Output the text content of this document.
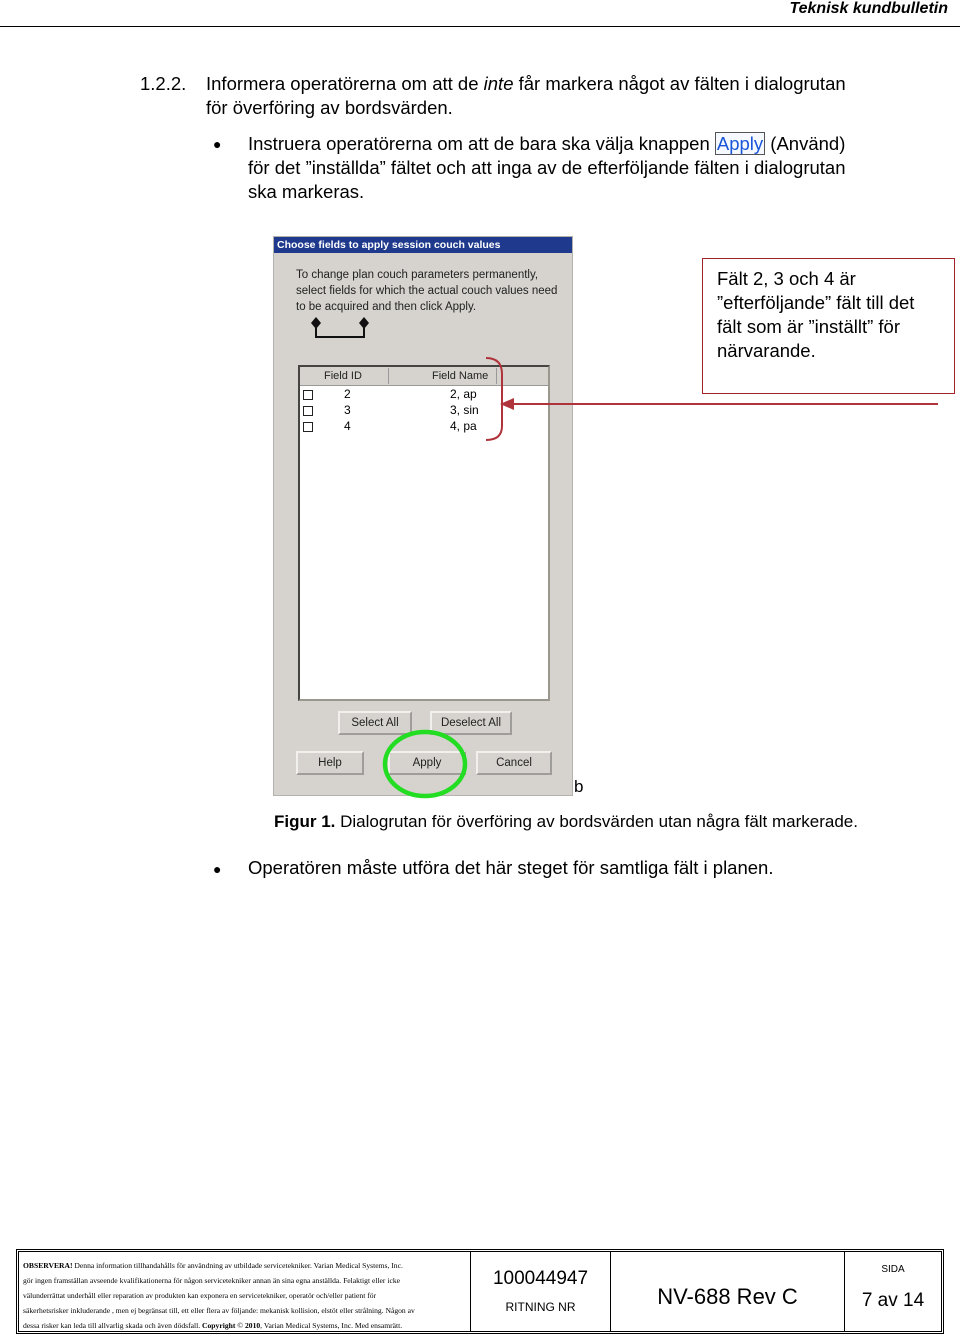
Teknisk kundbulletin
1.2.2. Informera operatörerna om att de inte får markera något av fälten i dialogrutan
för överföring av bordsvärden.
● Instruera operatörerna om att de bara ska välja knappen Apply (Använd)
för det ”inställda” fältet och att inga av de efterföljande fälten i dialogrutan
ska markeras.
Choose fields to apply session couch values
To change plan couch parameters permanently,
select fields for which the actual couch values need
to be acquired and then click Apply.
Field ID	Field Name
2	2, ap
3	3, sin
4	4, pa
Select All	Deselect All
Help	Apply	Cancel
Fält 2, 3 och 4 är
”efterföljande” fält till det
fält som är ”inställt” för
närvarande.
b
Figur 1. Dialogrutan för överföring av bordsvärden utan några fält markerade.
● Operatören måste utföra det här steget för samtliga fält i planen.
OBSERVERA! Denna information tillhandahålls för användning av utbildade servicetekniker. Varian Medical Systems, Inc.
gör ingen framställan avseende kvalifikationerna för någon servicetekniker annan än sina egna anställda. Felaktigt eller icke
välunderrättat underhåll eller reparation av produkten kan exponera en servicetekniker, operatör och/eller patient för
säkerhetsrisker inkluderande , men ej begränsat till, ett eller flera av följande: mekanisk kollision, elstöt eller strålning. Någon av
dessa risker kan leda till allvarlig skada och även dödsfall. Copyright © 2010, Varian Medical Systems, Inc. Med ensamrätt.
100044947
RITNING NR	NV-688 Rev C
SIDA
7 av 14
